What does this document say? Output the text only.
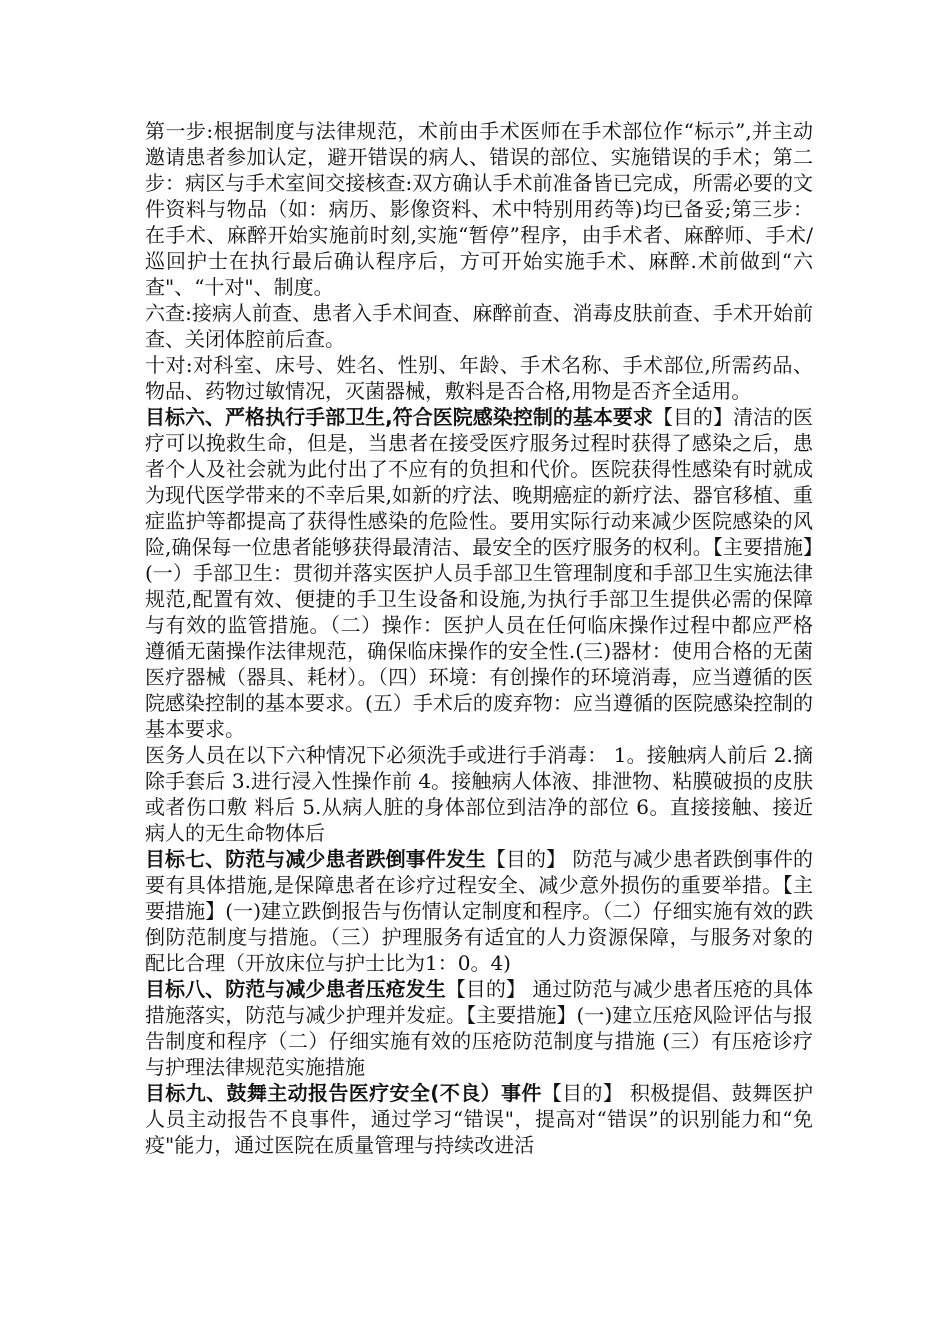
第一步:根据制度与法律规范，术前由手术医师在手术部位作“标示”,并主动邀请患者参加认定，避开错误的病人、错误的部位、实施错误的手术；第二步：病区与手术室间交接核查:双方确认手术前准备皆已完成，所需必要的文件资料与物品（如：病历、影像资料、术中特别用药等)均已备妥;第三步：在手术、麻醉开始实施前时刻,实施“暂停”程序，由手术者、麻醉师、手术/巡回护士在执行最后确认程序后，方可开始实施手术、麻醉.术前做到“六查"、“十对"、制度。

六查:接病人前查、患者入手术间查、麻醉前查、消毒皮肤前查、手术开始前查、关闭体腔前后查。

十对:对科室、床号、姓名、性别、年龄、手术名称、手术部位,所需药品、物品、药物过敏情况，灭菌器械，敷料是否合格,用物是否齐全适用。

目标六、严格执行手部卫生,符合医院感染控制的基本要求【目的】清洁的医疗可以挽救生命，但是，当患者在接受医疗服务过程时获得了感染之后，患者个人及社会就为此付出了不应有的负担和代价。医院获得性感染有时就成为现代医学带来的不幸后果,如新的疗法、晚期癌症的新疗法、器官移植、重症监护等都提高了获得性感染的危险性。要用实际行动来减少医院感染的风险,确保每一位患者能够获得最清洁、最安全的医疗服务的权利。【主要措施】(一）手部卫生：贯彻并落实医护人员手部卫生管理制度和手部卫生实施法律规范,配置有效、便捷的手卫生设备和设施,为执行手部卫生提供必需的保障与有效的监管措施。（二）操作：医护人员在任何临床操作过程中都应严格遵循无菌操作法律规范，确保临床操作的安全性.(三)器材：使用合格的无菌医疗器械（器具、耗材）。（四）环境：有创操作的环境消毒，应当遵循的医院感染控制的基本要求。(五）手术后的废弃物：应当遵循的医院感染控制的基本要求。

医务人员在以下六种情况下必须洗手或进行手消毒： 1。接触病人前后 2.摘除手套后 3.进行浸入性操作前 4。接触病人体液、排泄物、粘膜破损的皮肤或者伤口敷 料后 5.从病人脏的身体部位到洁净的部位 6。直接接触、接近病人的无生命物体后

目标七、防范与减少患者跌倒事件发生【目的】 防范与减少患者跌倒事件的要有具体措施,是保障患者在诊疗过程安全、减少意外损伤的重要举措。【主要措施】(一)建立跌倒报告与伤情认定制度和程序。（二）仔细实施有效的跌倒防范制度与措施。（三）护理服务有适宜的人力资源保障，与服务对象的配比合理（开放床位与护士比为1：0。4)

目标八、防范与减少患者压疮发生【目的】 通过防范与减少患者压疮的具体措施落实，防范与减少护理并发症。【主要措施】(一)建立压疮风险评估与报告制度和程序（二）仔细实施有效的压疮防范制度与措施 (三）有压疮诊疗与护理法律规范实施措施

目标九、鼓舞主动报告医疗安全(不良）事件【目的】 积极提倡、鼓舞医护人员主动报告不良事件，通过学习“错误"，提高对“错误”的识别能力和“免疫"能力，通过医院在质量管理与持续改进活
